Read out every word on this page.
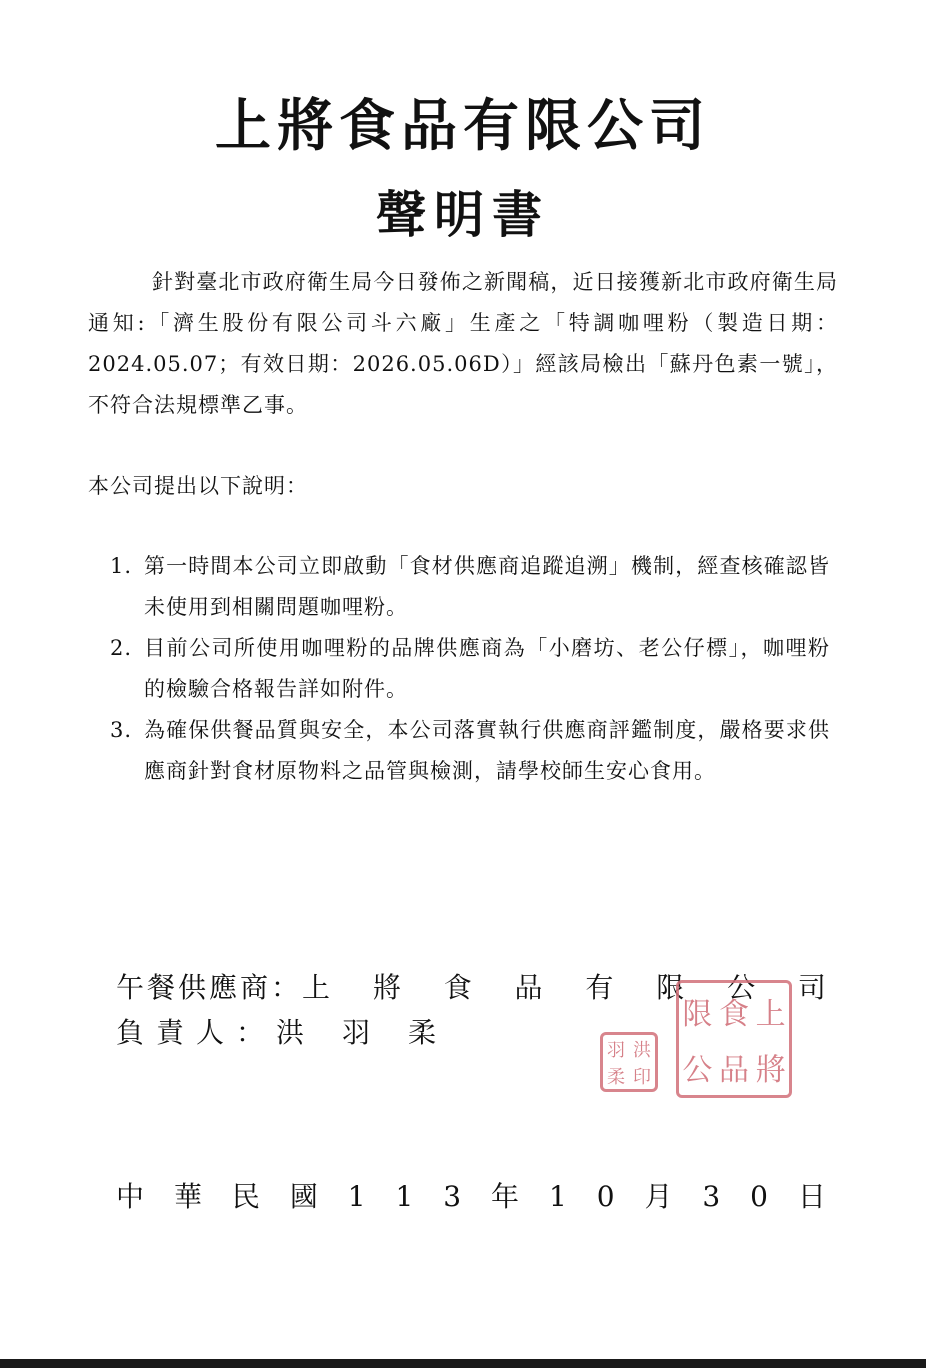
上將食品有限公司
聲明書
針對臺北市政府衛生局今日發佈之新聞稿，近日接獲新北市政府衛生局通知:「濟生股份有限公司斗六廠」生產之「特調咖哩粉（製造日期：2024.05.07；有效日期：2026.05.06D）」經該局檢出「蘇丹色素一號」，不符合法規標準乙事。
本公司提出以下說明：
1. 第一時間本公司立即啟動「食材供應商追蹤追溯」機制，經查核確認皆未使用到相關問題咖哩粉。
2. 目前公司所使用咖哩粉的品牌供應商為「小磨坊、老公仔標」，咖哩粉的檢驗合格報告詳如附件。
3. 為確保供餐品質與安全，本公司落實執行供應商評鑑制度，嚴格要求供應商針對食材原物料之品管與檢測，請學校師生安心食用。
午餐供應商： 上 將 食 品 有 限 公 司
負責人： 洪 羽 柔
上
將
食
品
限
公
洪
印
羽
柔
中 華 民 國 1 1 3 年 1 0 月 3 0 日
